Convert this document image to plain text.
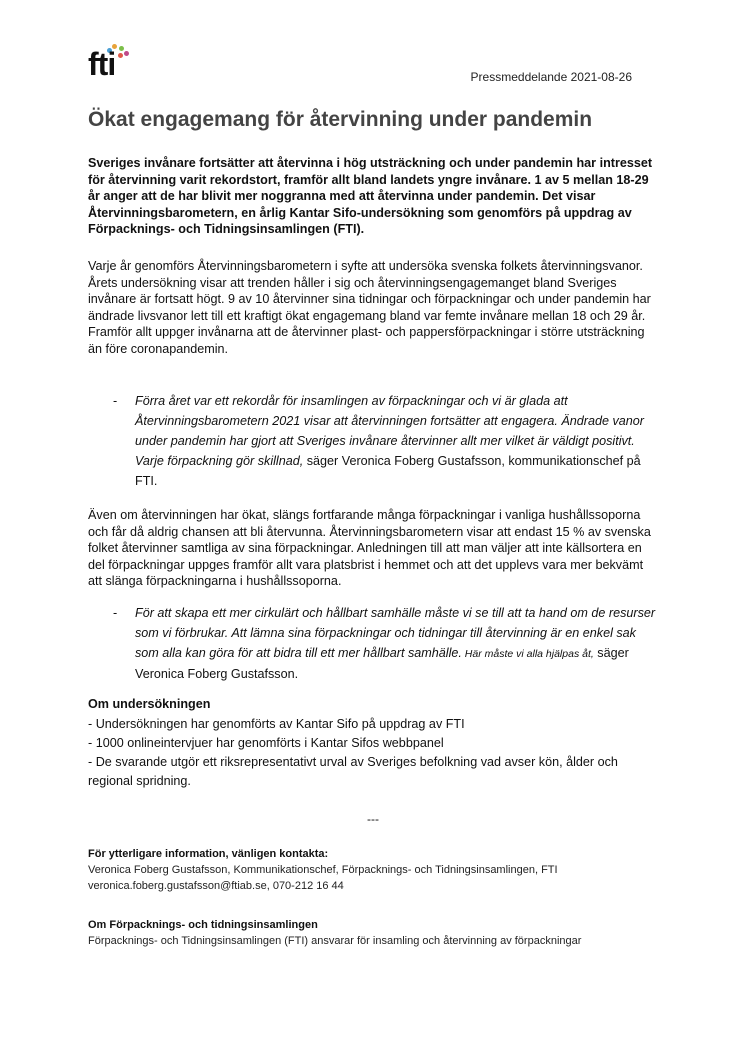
fti	Pressmeddelande 2021-08-26
Ökat engagemang för återvinning under pandemin

Sveriges invånare fortsätter att återvinna i hög utsträckning och under pandemin har intresset för återvinning varit rekordstort, framför allt bland landets yngre invånare. 1 av 5 mellan 18-29 år anger att de har blivit mer noggranna med att återvinna under pandemin. Det visar Återvinningsbarometern, en årlig Kantar Sifo-undersökning som genomförs på uppdrag av Förpacknings- och Tidningsinsamlingen (FTI).

Varje år genomförs Återvinningsbarometern i syfte att undersöka svenska folkets återvinningsvanor. Årets undersökning visar att trenden håller i sig och återvinningsengagemanget bland Sveriges invånare är fortsatt högt. 9 av 10 återvinner sina tidningar och förpackningar och under pandemin har ändrade livsvanor lett till ett kraftigt ökat engagemang bland var femte invånare mellan 18 och 29 år. Framför allt uppger invånarna att de återvinner plast- och pappersförpackningar i större utsträckning än före coronapandemin.

- Förra året var ett rekordår för insamlingen av förpackningar och vi är glada att Återvinningsbarometern 2021 visar att återvinningen fortsätter att engagera. Ändrade vanor under pandemin har gjort att Sveriges invånare återvinner allt mer vilket är väldigt positivt. Varje förpackning gör skillnad, säger Veronica Foberg Gustafsson, kommunikationschef på FTI.

Även om återvinningen har ökat, slängs fortfarande många förpackningar i vanliga hushållssoporna och får då aldrig chansen att bli återvunna. Återvinningsbarometern visar att endast 15 % av svenska folket återvinner samtliga av sina förpackningar. Anledningen till att man väljer att inte källsortera en del förpackningar uppges framför allt vara platsbrist i hemmet och att det upplevs vara mer bekvämt att slänga förpackningarna i hushållssoporna.

- För att skapa ett mer cirkulärt och hållbart samhälle måste vi se till att ta hand om de resurser som vi förbrukar. Att lämna sina förpackningar och tidningar till återvinning är en enkel sak som alla kan göra för att bidra till ett mer hållbart samhälle. Här måste vi alla hjälpas åt, säger Veronica Foberg Gustafsson.
Om undersökningen
- Undersökningen har genomförts av Kantar Sifo på uppdrag av FTI
- 1000 onlineintervjuer har genomförts i Kantar Sifos webbpanel
- De svarande utgör ett riksrepresentativt urval av Sveriges befolkning vad avser kön, ålder och regional spridning.
---
För ytterligare information, vänligen kontakta:
Veronica Foberg Gustafsson, Kommunikationschef, Förpacknings- och Tidningsinsamlingen, FTI
veronica.foberg.gustafsson@ftiab.se, 070-212 16 44
Om Förpacknings- och tidningsinsamlingen
Förpacknings- och Tidningsinsamlingen (FTI) ansvarar för insamling och återvinning av förpackningar
